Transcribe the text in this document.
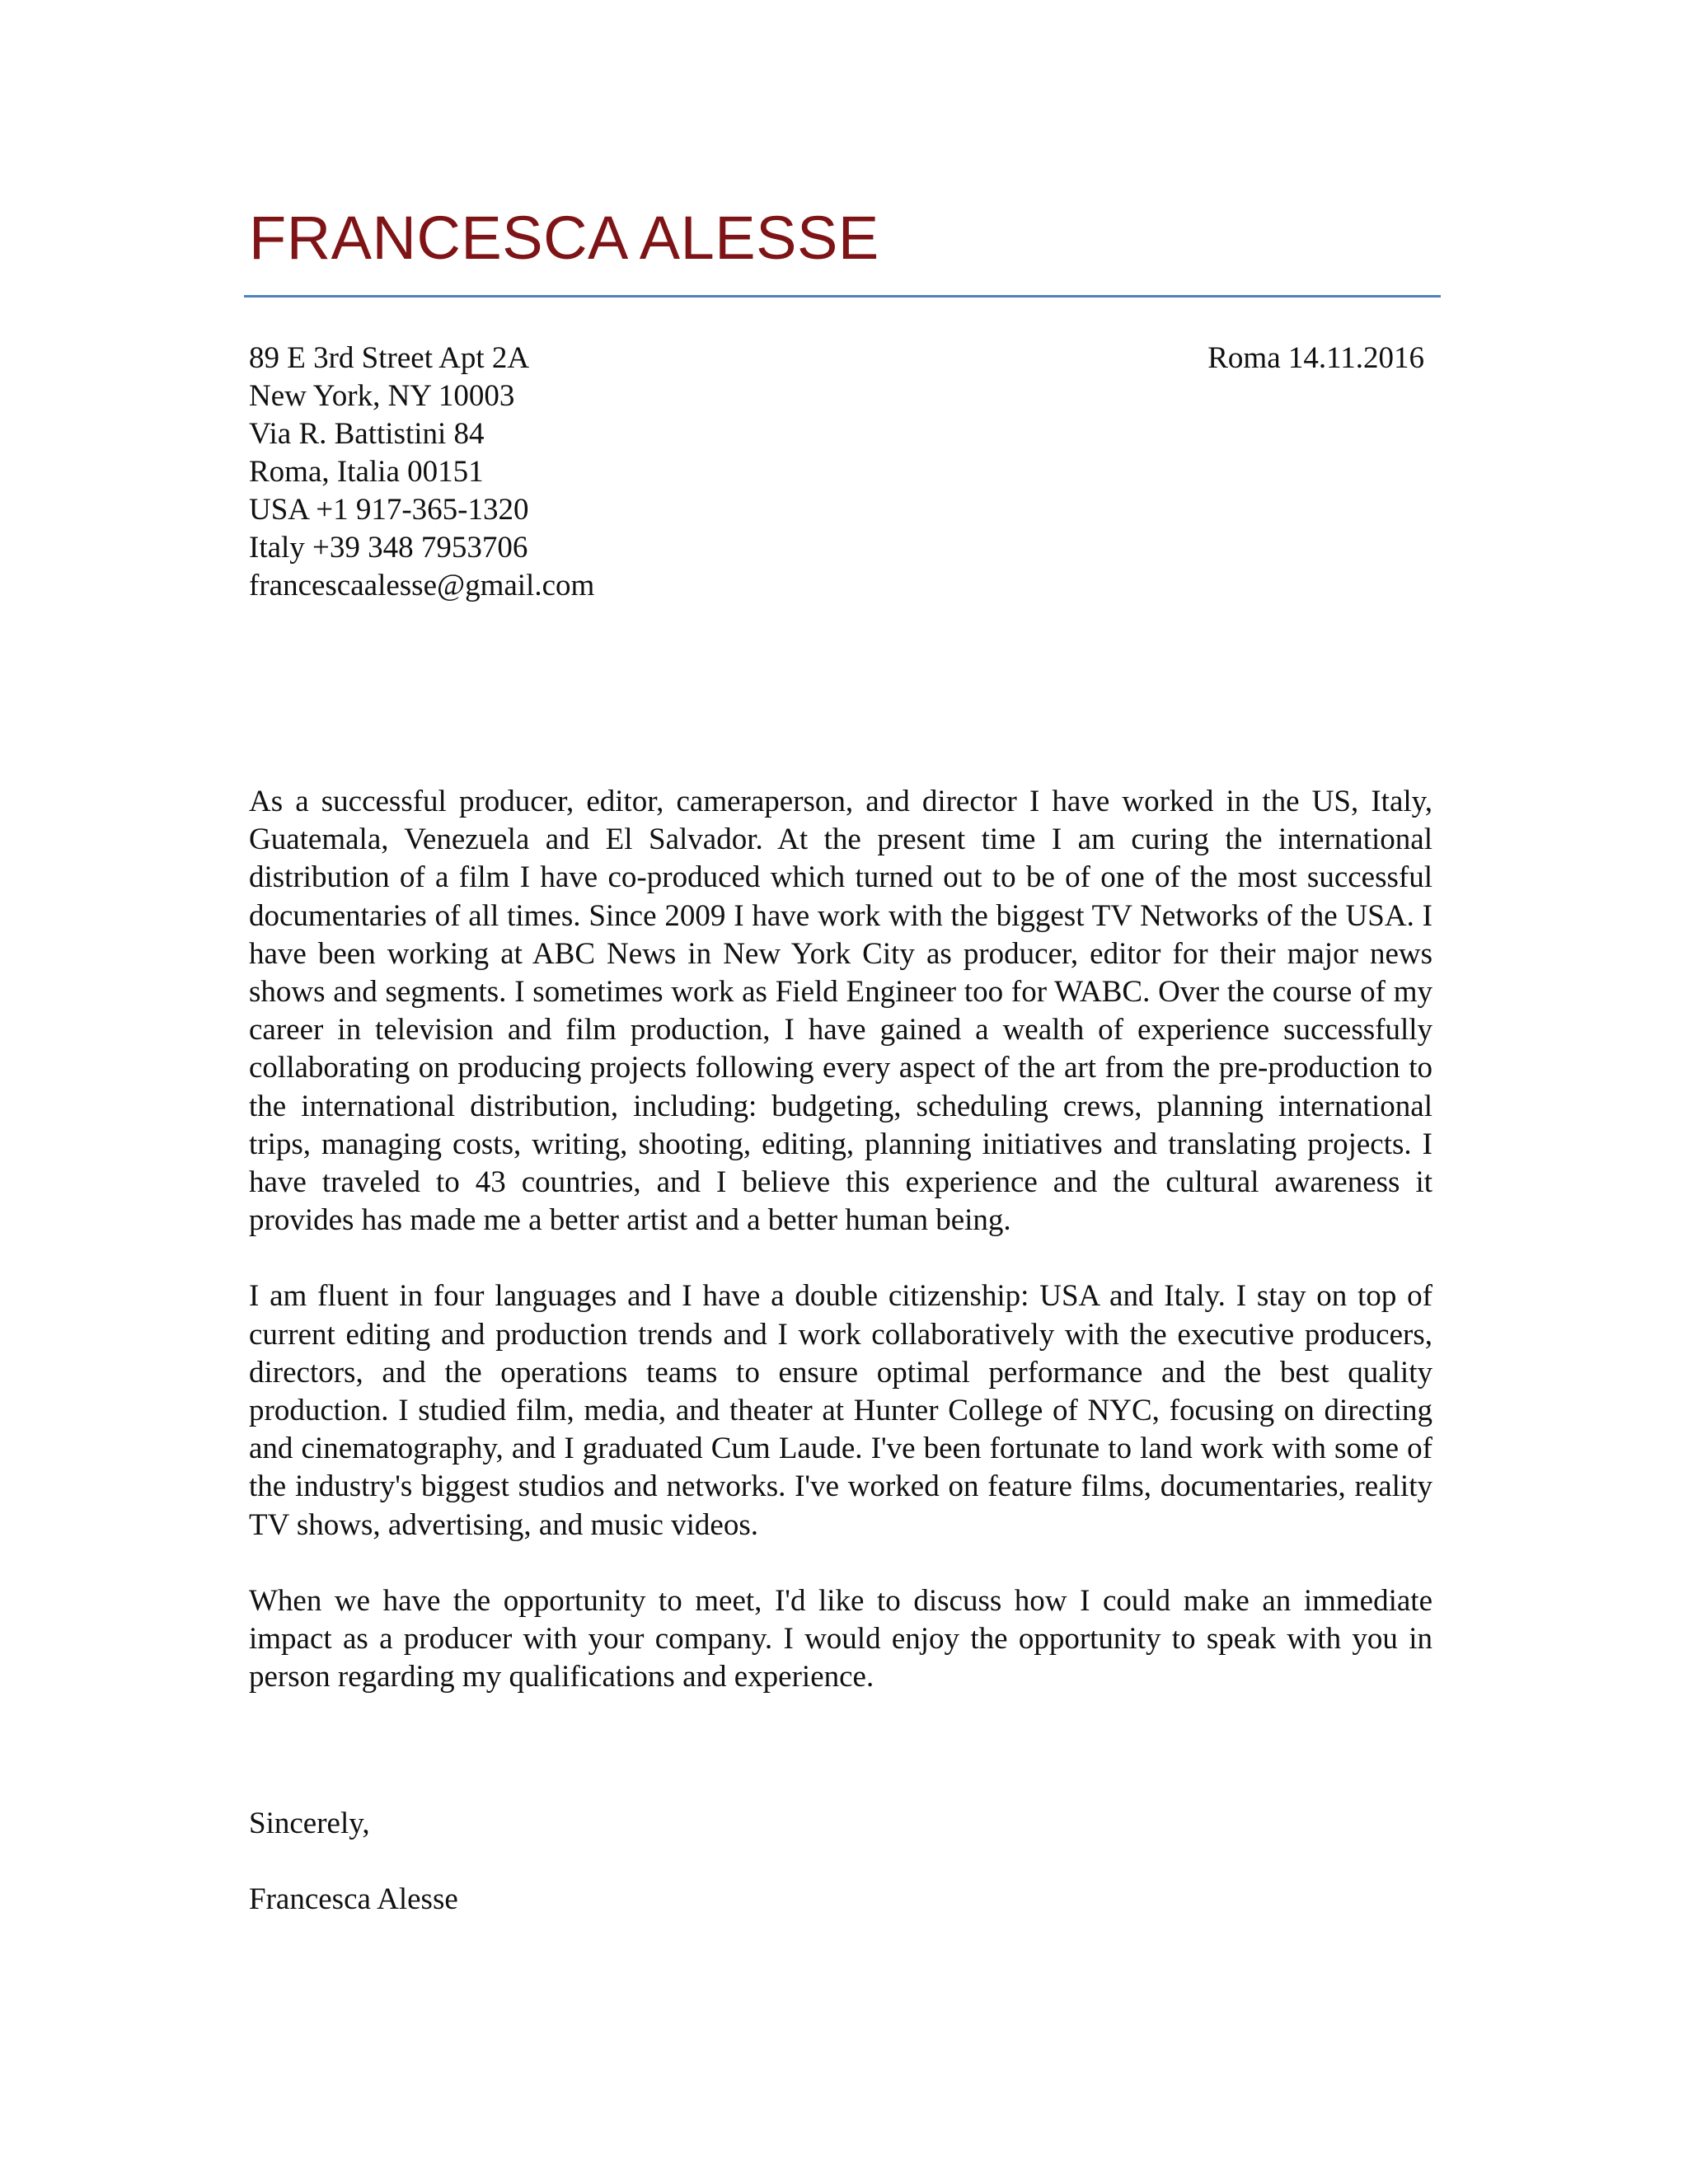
FRANCESCA ALESSE
89 E 3rd Street Apt 2A
New York, NY 10003
Via R. Battistini 84
Roma, Italia 00151
USA +1 917-365-1320
Italy +39 348 7953706
francescaalesse@gmail.com
Roma 14.11.2016

As a successful producer, editor, cameraperson, and director I have worked in the US, Italy, Guatemala, Venezuela and El Salvador. At the present time I am curing the international distribution of a film I have co-produced which turned out to be of one of the most successful documentaries of all times. Since 2009 I have work with the biggest TV Networks of the USA. I have been working at ABC News in New York City as producer, editor for their major news shows and segments. I sometimes work as Field Engineer too for WABC. Over the course of my career in television and film production, I have gained a wealth of experience successfully collaborating on producing projects following every aspect of the art from the pre-production to the international distribution, including: budgeting, scheduling crews, planning international trips, managing costs, writing, shooting, editing, planning initiatives and translating projects. I have traveled to 43 countries, and I believe this experience and the cultural awareness it provides has made me a better artist and a better human being.

I am fluent in four languages and I have a double citizenship: USA and Italy. I stay on top of current editing and production trends and I work collaboratively with the executive producers, directors, and the operations teams to ensure optimal performance and the best quality production. I studied film, media, and theater at Hunter College of NYC, focusing on directing and cinematography, and I graduated Cum Laude. I've been fortunate to land work with some of the industry's biggest studios and networks. I've worked on feature films, documentaries, reality TV shows, advertising, and music videos.

When we have the opportunity to meet, I'd like to discuss how I could make an immediate impact as a producer with your company. I would enjoy the opportunity to speak with you in person regarding my qualifications and experience.

Sincerely,
Francesca Alesse
